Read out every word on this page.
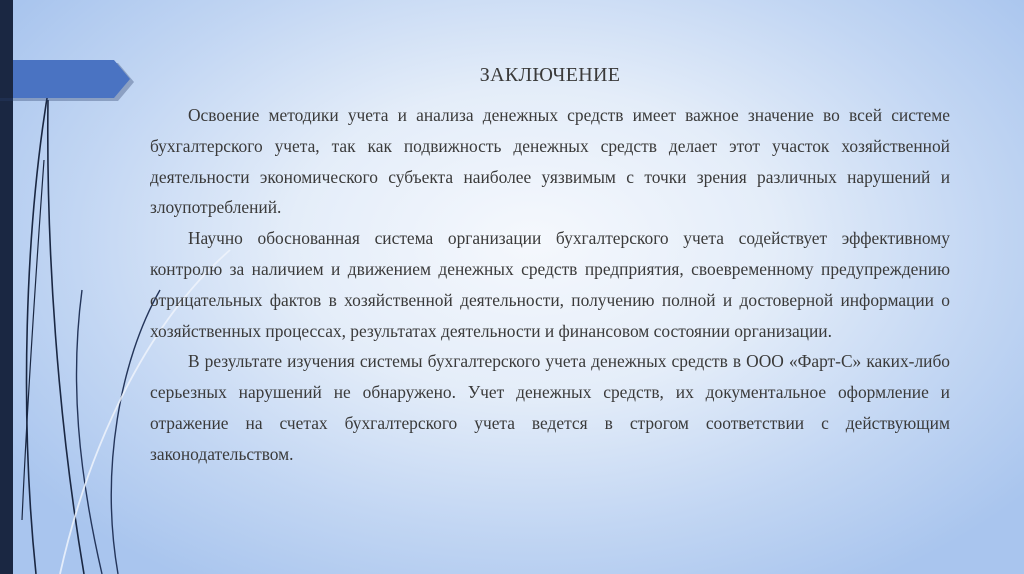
ЗАКЛЮЧЕНИЕ

Освоение методики учета и анализа денежных средств имеет важное значение во всей системе бухгалтерского учета, так как подвижность денежных средств делает этот участок хозяйственной деятельности экономического субъекта наиболее уязвимым с точки зрения различных нарушений и злоупотреблений.

Научно обоснованная система организации бухгалтерского учета содействует эффективному контролю за наличием и движением денежных средств предприятия, своевременному предупреждению отрицательных фактов в хозяйственной деятельности, получению полной и достоверной информации о хозяйственных процессах, результатах деятельности и финансовом состоянии организации.

В результате изучения системы бухгалтерского учета денежных средств в ООО «Фарт-С» каких-либо серьезных нарушений не обнаружено. Учет денежных средств, их документальное оформление и отражение на счетах бухгалтерского учета ведется в строгом соответствии с действующим законодательством.
